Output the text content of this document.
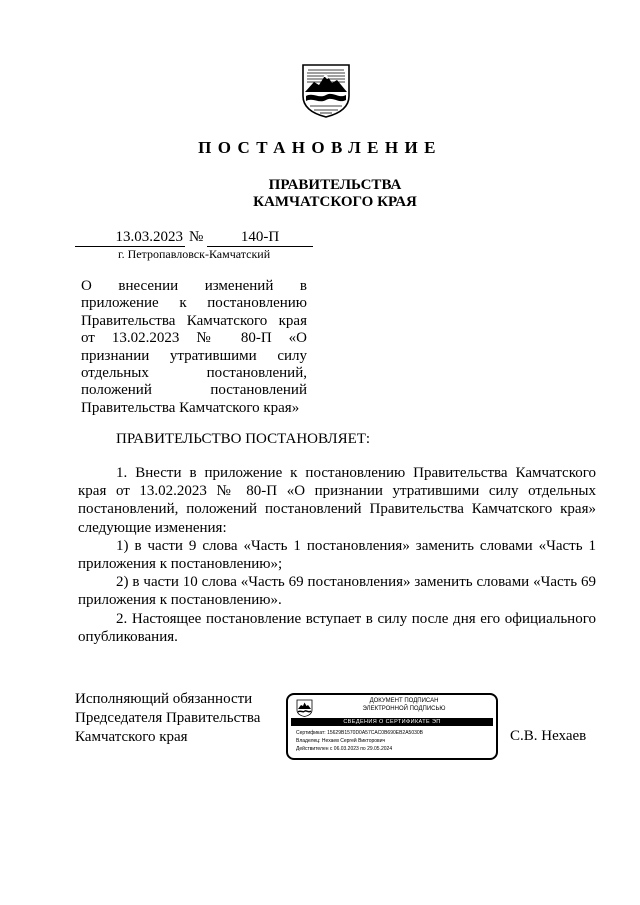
ПОСТАНОВЛЕНИЕ
ПРАВИТЕЛЬСТВА
КАМЧАТСКОГО КРАЯ
13.03.2023 №	140-П
г. Петропавловск-Камчатский
О внесении изменений в приложение к постановлению Правительства Камчатского края от 13.02.2023 № 80-П «О признании утратившими силу отдельных постановлений, положений постановлений Правительства Камчатского края»
ПРАВИТЕЛЬСТВО ПОСТАНОВЛЯЕТ:

1. Внести в приложение к постановлению Правительства Камчатского края от 13.02.2023 № 80-П «О признании утратившими силу отдельных постановлений, положений постановлений Правительства Камчатского края» следующие изменения:

1) в части 9 слова «Часть 1 постановления» заменить словами «Часть 1 приложения к постановлению»;

2) в части 10 слова «Часть 69 постановления» заменить словами «Часть 69 приложения к постановлению».

2. Настоящее постановление вступает в силу после дня его официального опубликования.

Исполняющий обязанности
Председателя Правительства
Камчатского края
ДОКУМЕНТ ПОДПИСАН
ЭЛЕКТРОННОЙ ПОДПИСЬЮ
СВЕДЕНИЯ О СЕРТИФИКАТЕ ЭП
Сертификат: 15629B1570D0A57CAC0B690EB2A5030B
Владелец: Нехаев Сергей Викторович
Действителен с 06.03.2023 по 29.05.2024
С.В. Нехаев
